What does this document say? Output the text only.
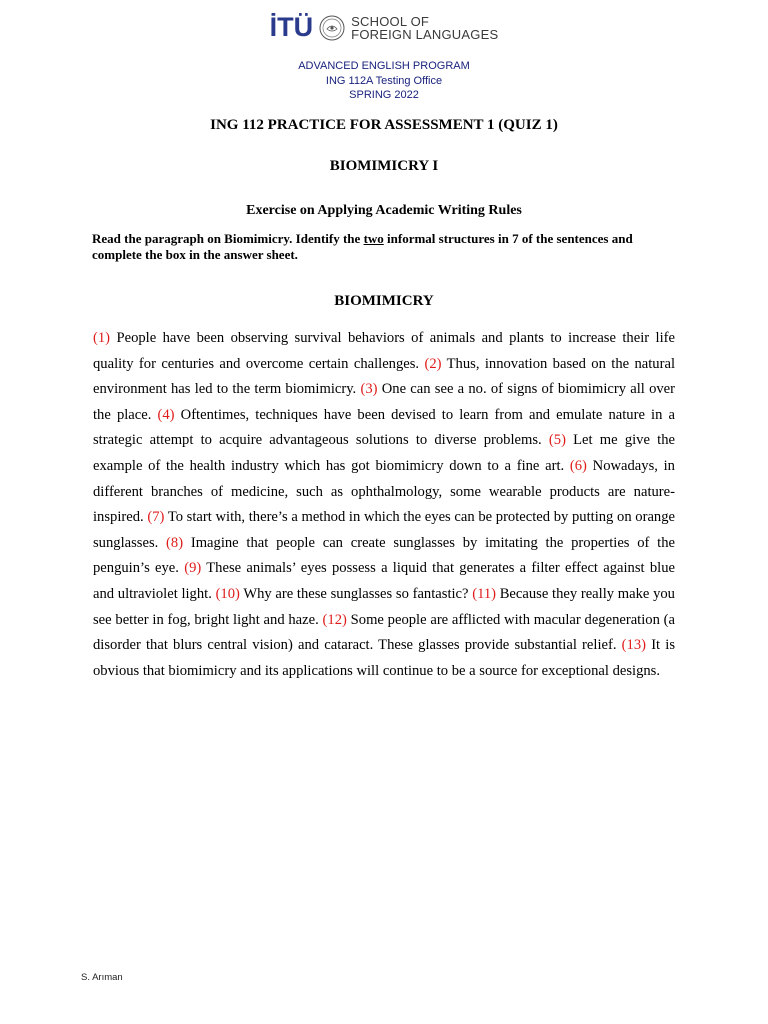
İTÜ	SCHOOL OF
FOREIGN LANGUAGES
ADVANCED ENGLISH PROGRAM
ING 112A Testing Office
SPRING 2022
ING 112 PRACTICE FOR ASSESSMENT 1 (QUIZ 1)
BIOMIMICRY I
Exercise on Applying Academic Writing Rules
Read the paragraph on Biomimicry. Identify the two informal structures in 7 of the sentences and complete the box in the answer sheet.
BIOMIMICRY
(1) People have been observing survival behaviors of animals and plants to increase their life quality for centuries and overcome certain challenges. (2) Thus, innovation based on the natural environment has led to the term biomimicry. (3) One can see a no. of signs of biomimicry all over the place. (4) Oftentimes, techniques have been devised to learn from and emulate nature in a strategic attempt to acquire advantageous solutions to diverse problems. (5) Let me give the example of the health industry which has got biomimicry down to a fine art. (6) Nowadays, in different branches of medicine, such as ophthalmology, some wearable products are nature-inspired. (7) To start with, there’s a method in which the eyes can be protected by putting on orange sunglasses. (8) Imagine that people can create sunglasses by imitating the properties of the penguin’s eye. (9) These animals’ eyes possess a liquid that generates a filter effect against blue and ultraviolet light. (10) Why are these sunglasses so fantastic? (11) Because they really make you see better in fog, bright light and haze. (12) Some people are afflicted with macular degeneration (a disorder that blurs central vision) and cataract. These glasses provide substantial relief. (13) It is obvious that biomimicry and its applications will continue to be a source for exceptional designs.
S. Arıman
